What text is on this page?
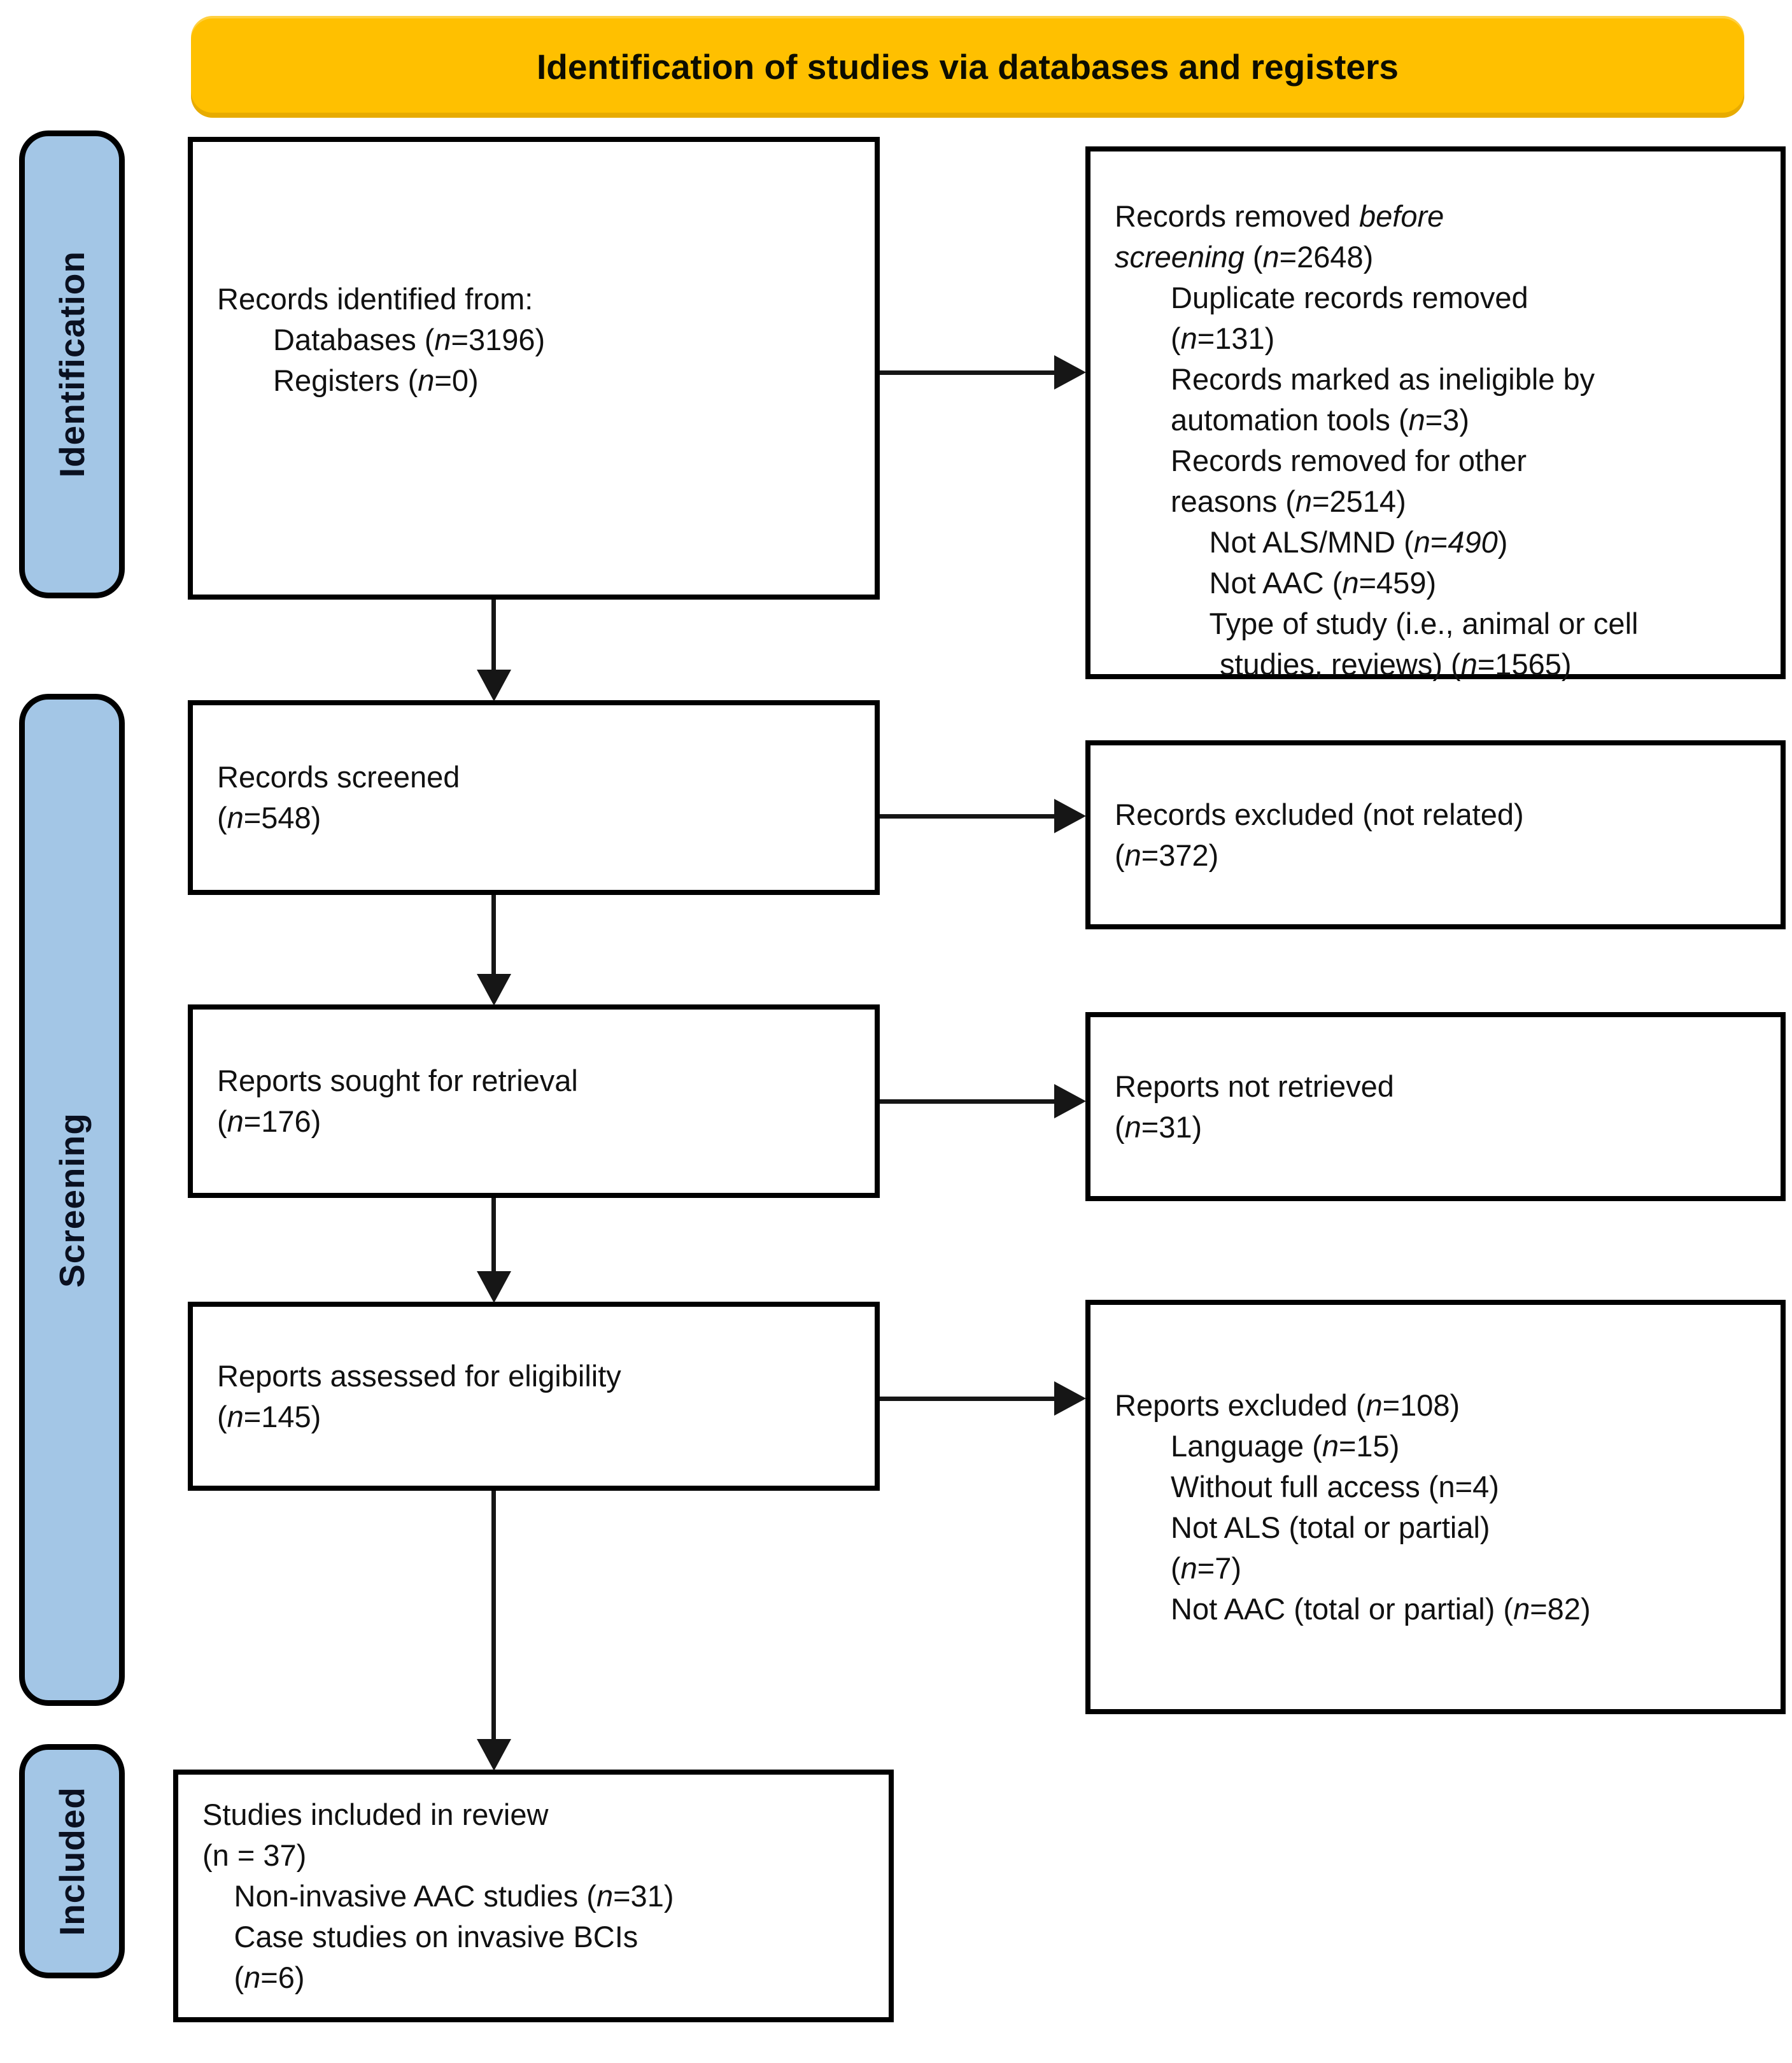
Identification of studies via databases and registers
Identification
Screening
Included
Records identified from:
Databases (n=3196)
Registers (n=0)
Records screened
(n=548)
Reports sought for retrieval
(n=176)
Reports assessed for eligibility
(n=145)
Studies included in review
(n = 37)
Non-invasive AAC studies (n=31)
Case studies on invasive BCIs
(n=6)
Records removed before
screening (n=2648)
Duplicate records removed
(n=131)
Records marked as ineligible by
automation tools (n=3)
Records removed for other
reasons (n=2514)
Not ALS/MND (n=490)
Not AAC (n=459)
Type of study (i.e., animal or cell
studies, reviews) (n=1565)
Records excluded (not related)
(n=372)
Reports not retrieved
(n=31)
Reports excluded (n=108)
Language (n=15)
Without full access (n=4)
Not ALS (total or partial)
(n=7)
Not AAC (total or partial) (n=82)
